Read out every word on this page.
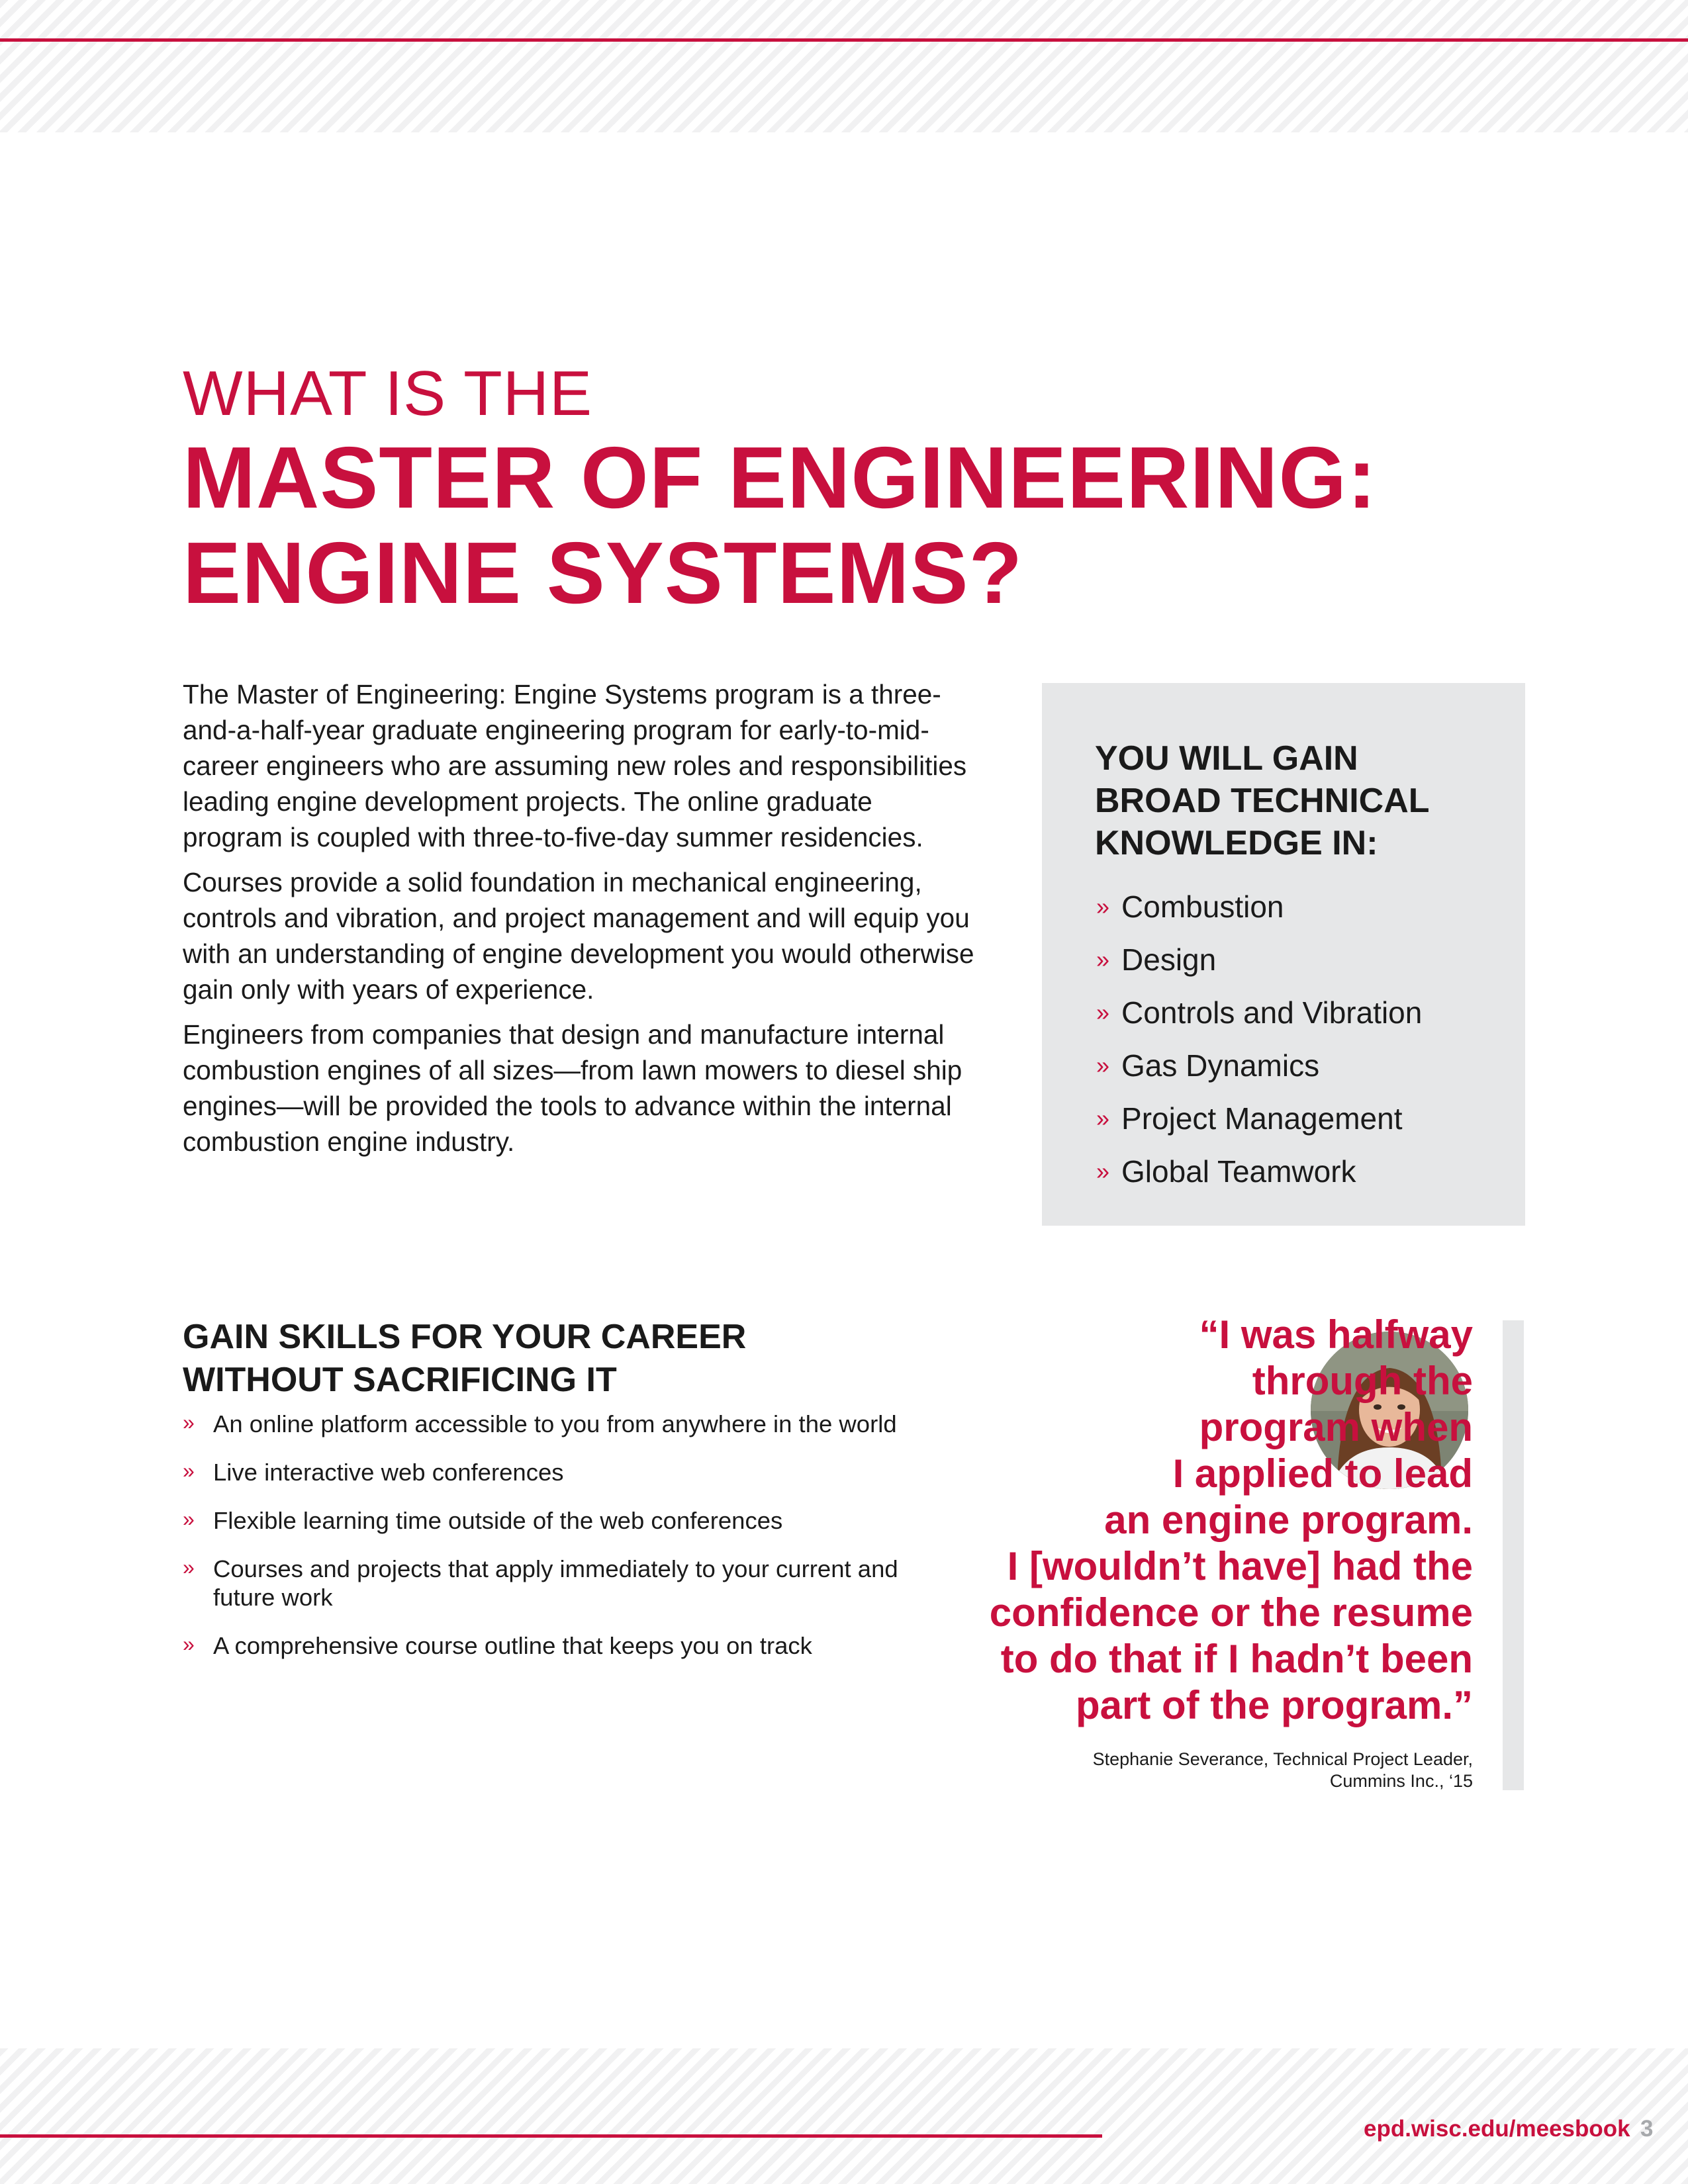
WHAT IS THE

MASTER OF ENGINEERING:
ENGINE SYSTEMS?

The Master of Engineering: Engine Systems program is a three-and-a-half-year graduate engineering program for early-to-mid-career engineers who are assuming new roles and responsibilities leading engine development projects. The online graduate program is coupled with three-to-five-day summer residencies.

Courses provide a solid foundation in mechanical engineering, controls and vibration, and project management and will equip you with an understanding of engine development you would otherwise gain only with years of experience.

Engineers from companies that design and manufacture internal combustion engines of all sizes—from lawn mowers to diesel ship engines—will be provided the tools to advance within the internal combustion engine industry.

YOU WILL GAIN
BROAD TECHNICAL
KNOWLEDGE IN:
» Combustion
» Design
» Controls and Vibration
» Gas Dynamics
» Project Management
» Global Teamwork
GAIN SKILLS FOR YOUR CAREER
WITHOUT SACRIFICING IT
» An online platform accessible to you from anywhere in the world
» Live interactive web conferences
» Flexible learning time outside of the web conferences
» Courses and projects that apply immediately to your current and future work
» A comprehensive course outline that keeps you on track

“I was halfway
through the
program when
I applied to lead
an engine program.
I [wouldn’t have] had the
confidence or the resume
to do that if I hadn’t been
part of the program.”

Stephanie Severance, Technical Project Leader,
Cummins Inc., ‘15

epd.wisc.edu/meesbook 3
